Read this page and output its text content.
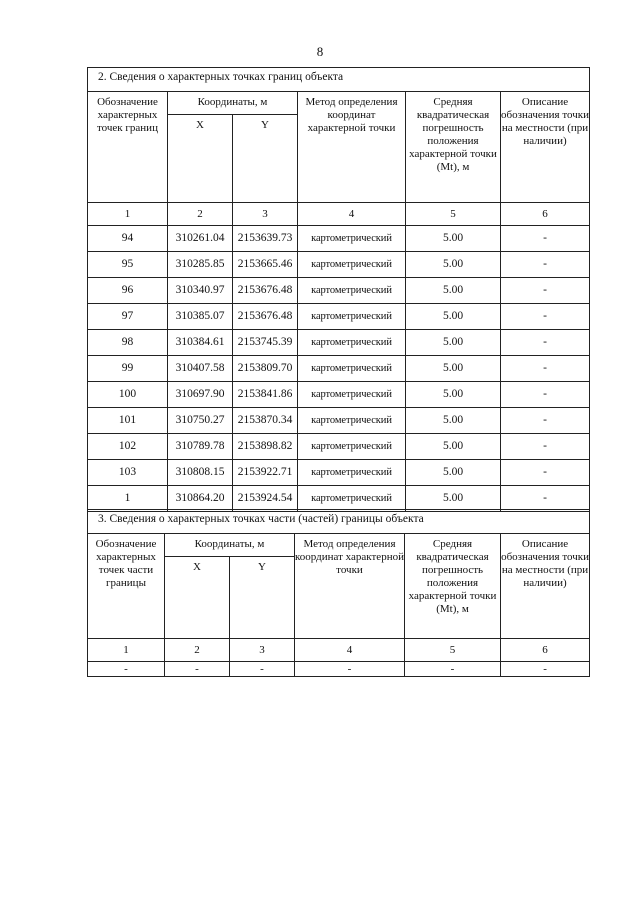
8
2. Сведения о характерных точках границ объекта					
Обозначение характерных точек границ	Координаты, м		Метод определения координат характерной точки	Средняя квадратическая погрешность положения характерной точки (Mt), м	Описание обозначения точки на местности (при наличии)
	X	Y			
1	2	3	4	5	6
94	310261.04	2153639.73	картометрический	5.00	-
95	310285.85	2153665.46	картометрический	5.00	-
96	310340.97	2153676.48	картометрический	5.00	-
97	310385.07	2153676.48	картометрический	5.00	-
98	310384.61	2153745.39	картометрический	5.00	-
99	310407.58	2153809.70	картометрический	5.00	-
100	310697.90	2153841.86	картометрический	5.00	-
101	310750.27	2153870.34	картометрический	5.00	-
102	310789.78	2153898.82	картометрический	5.00	-
103	310808.15	2153922.71	картометрический	5.00	-
1	310864.20	2153924.54	картометрический	5.00	-
3. Сведения о характерных точках части (частей) границы объекта					
Обозначение характерных точек части границы	Координаты, м		Метод определения координат характерной точки	Средняя квадратическая погрешность положения характерной точки (Mt), м	Описание обозначения точки на местности (при наличии)
	X	Y			
1	2	3	4	5	6
-	-	-	-	-	-
